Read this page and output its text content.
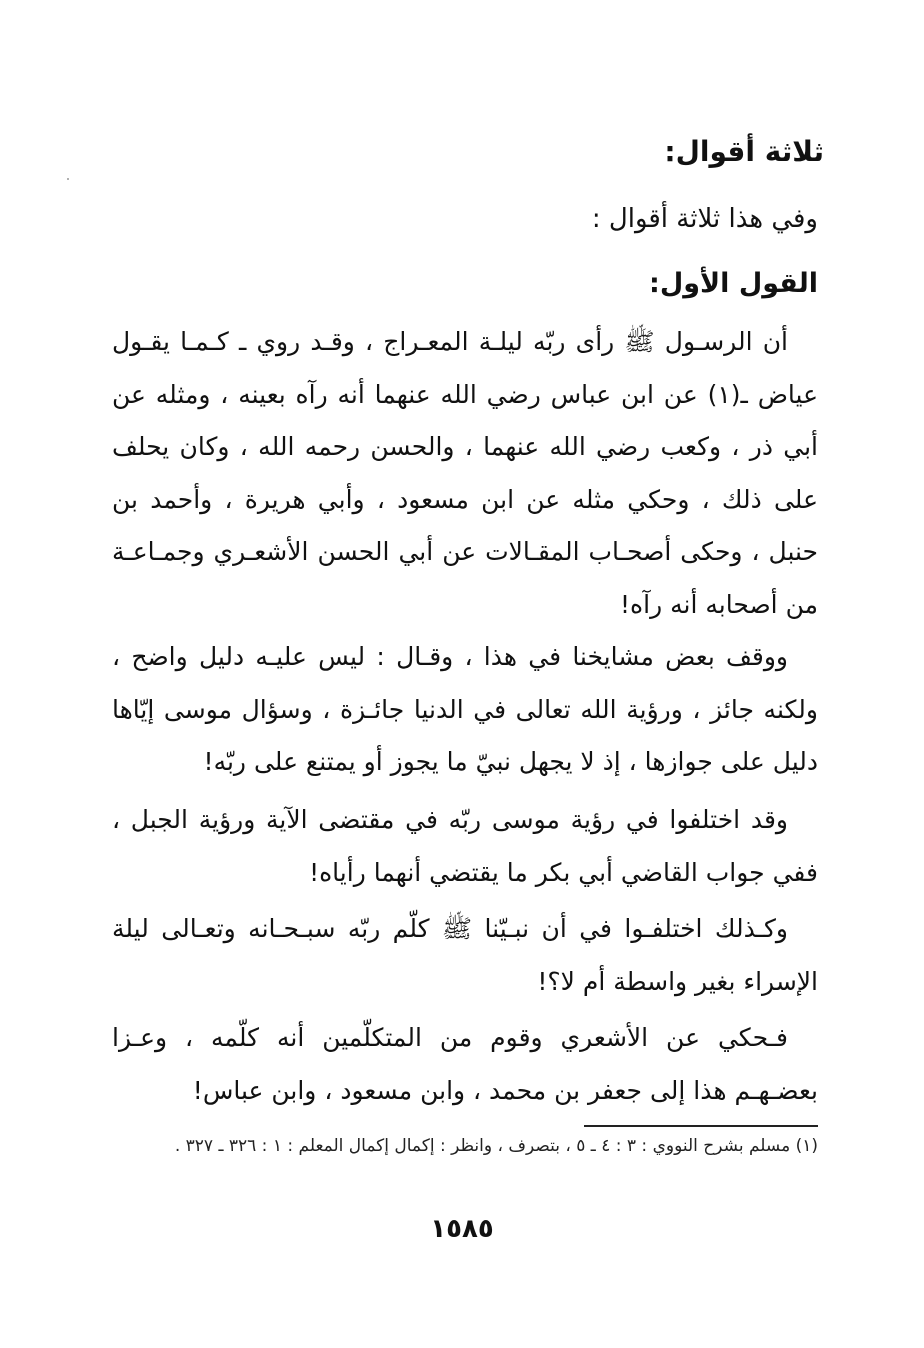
ثلاثة أقوال:
وفي هذا ثلاثة أقوال :
القول الأول:
أن الرسـول ﷺ رأى ربّه ليلـة المعـراج ، وقـد روي ـ كـمـا يقـول عياض ـ(١) عن ابن عباس رضي الله عنهما أنه رآه بعينه ، ومثله عن أبي ذر ، وكعب رضي الله عنهما ، والحسن رحمه الله ، وكان يحلف على ذلك ، وحكي مثله عن ابن مسعود ، وأبي هريرة ، وأحمد بن حنبل ، وحكى أصحـاب المقـالات عن أبي الحسن الأشعـري وجمـاعـة من أصحابه أنه رآه!
ووقف بعض مشايخنا في هذا ، وقـال : ليس عليـه دليل واضح ، ولكنه جائز ، ورؤية الله تعالى في الدنيا جائـزة ، وسؤال موسى إيّاها دليل على جوازها ، إذ لا يجهل نبيّ ما يجوز أو يمتنع على ربّه!
وقد اختلفوا في رؤية موسى ربّه في مقتضى الآية ورؤية الجبل ، ففي جواب القاضي أبي بكر ما يقتضي أنهما رأياه!
وكـذلك اختلفـوا في أن نبـيّنا ﷺ كلّم ربّه سبـحـانه وتعـالى ليلة الإسراء بغير واسطة أم لا؟!
فـحكي عن الأشعري وقوم من المتكلّمين أنه كلّمه ، وعـزا بعضـهـم هذا إلى جعفر بن محمد ، وابن مسعود ، وابن عباس!
(١) مسلم بشرح النووي : ٣ : ٤ ـ ٥ ، بتصرف ، وانظر : إكمال إكمال المعلم : ١ : ٣٢٦ ـ ٣٢٧ .
١٥٨٥
